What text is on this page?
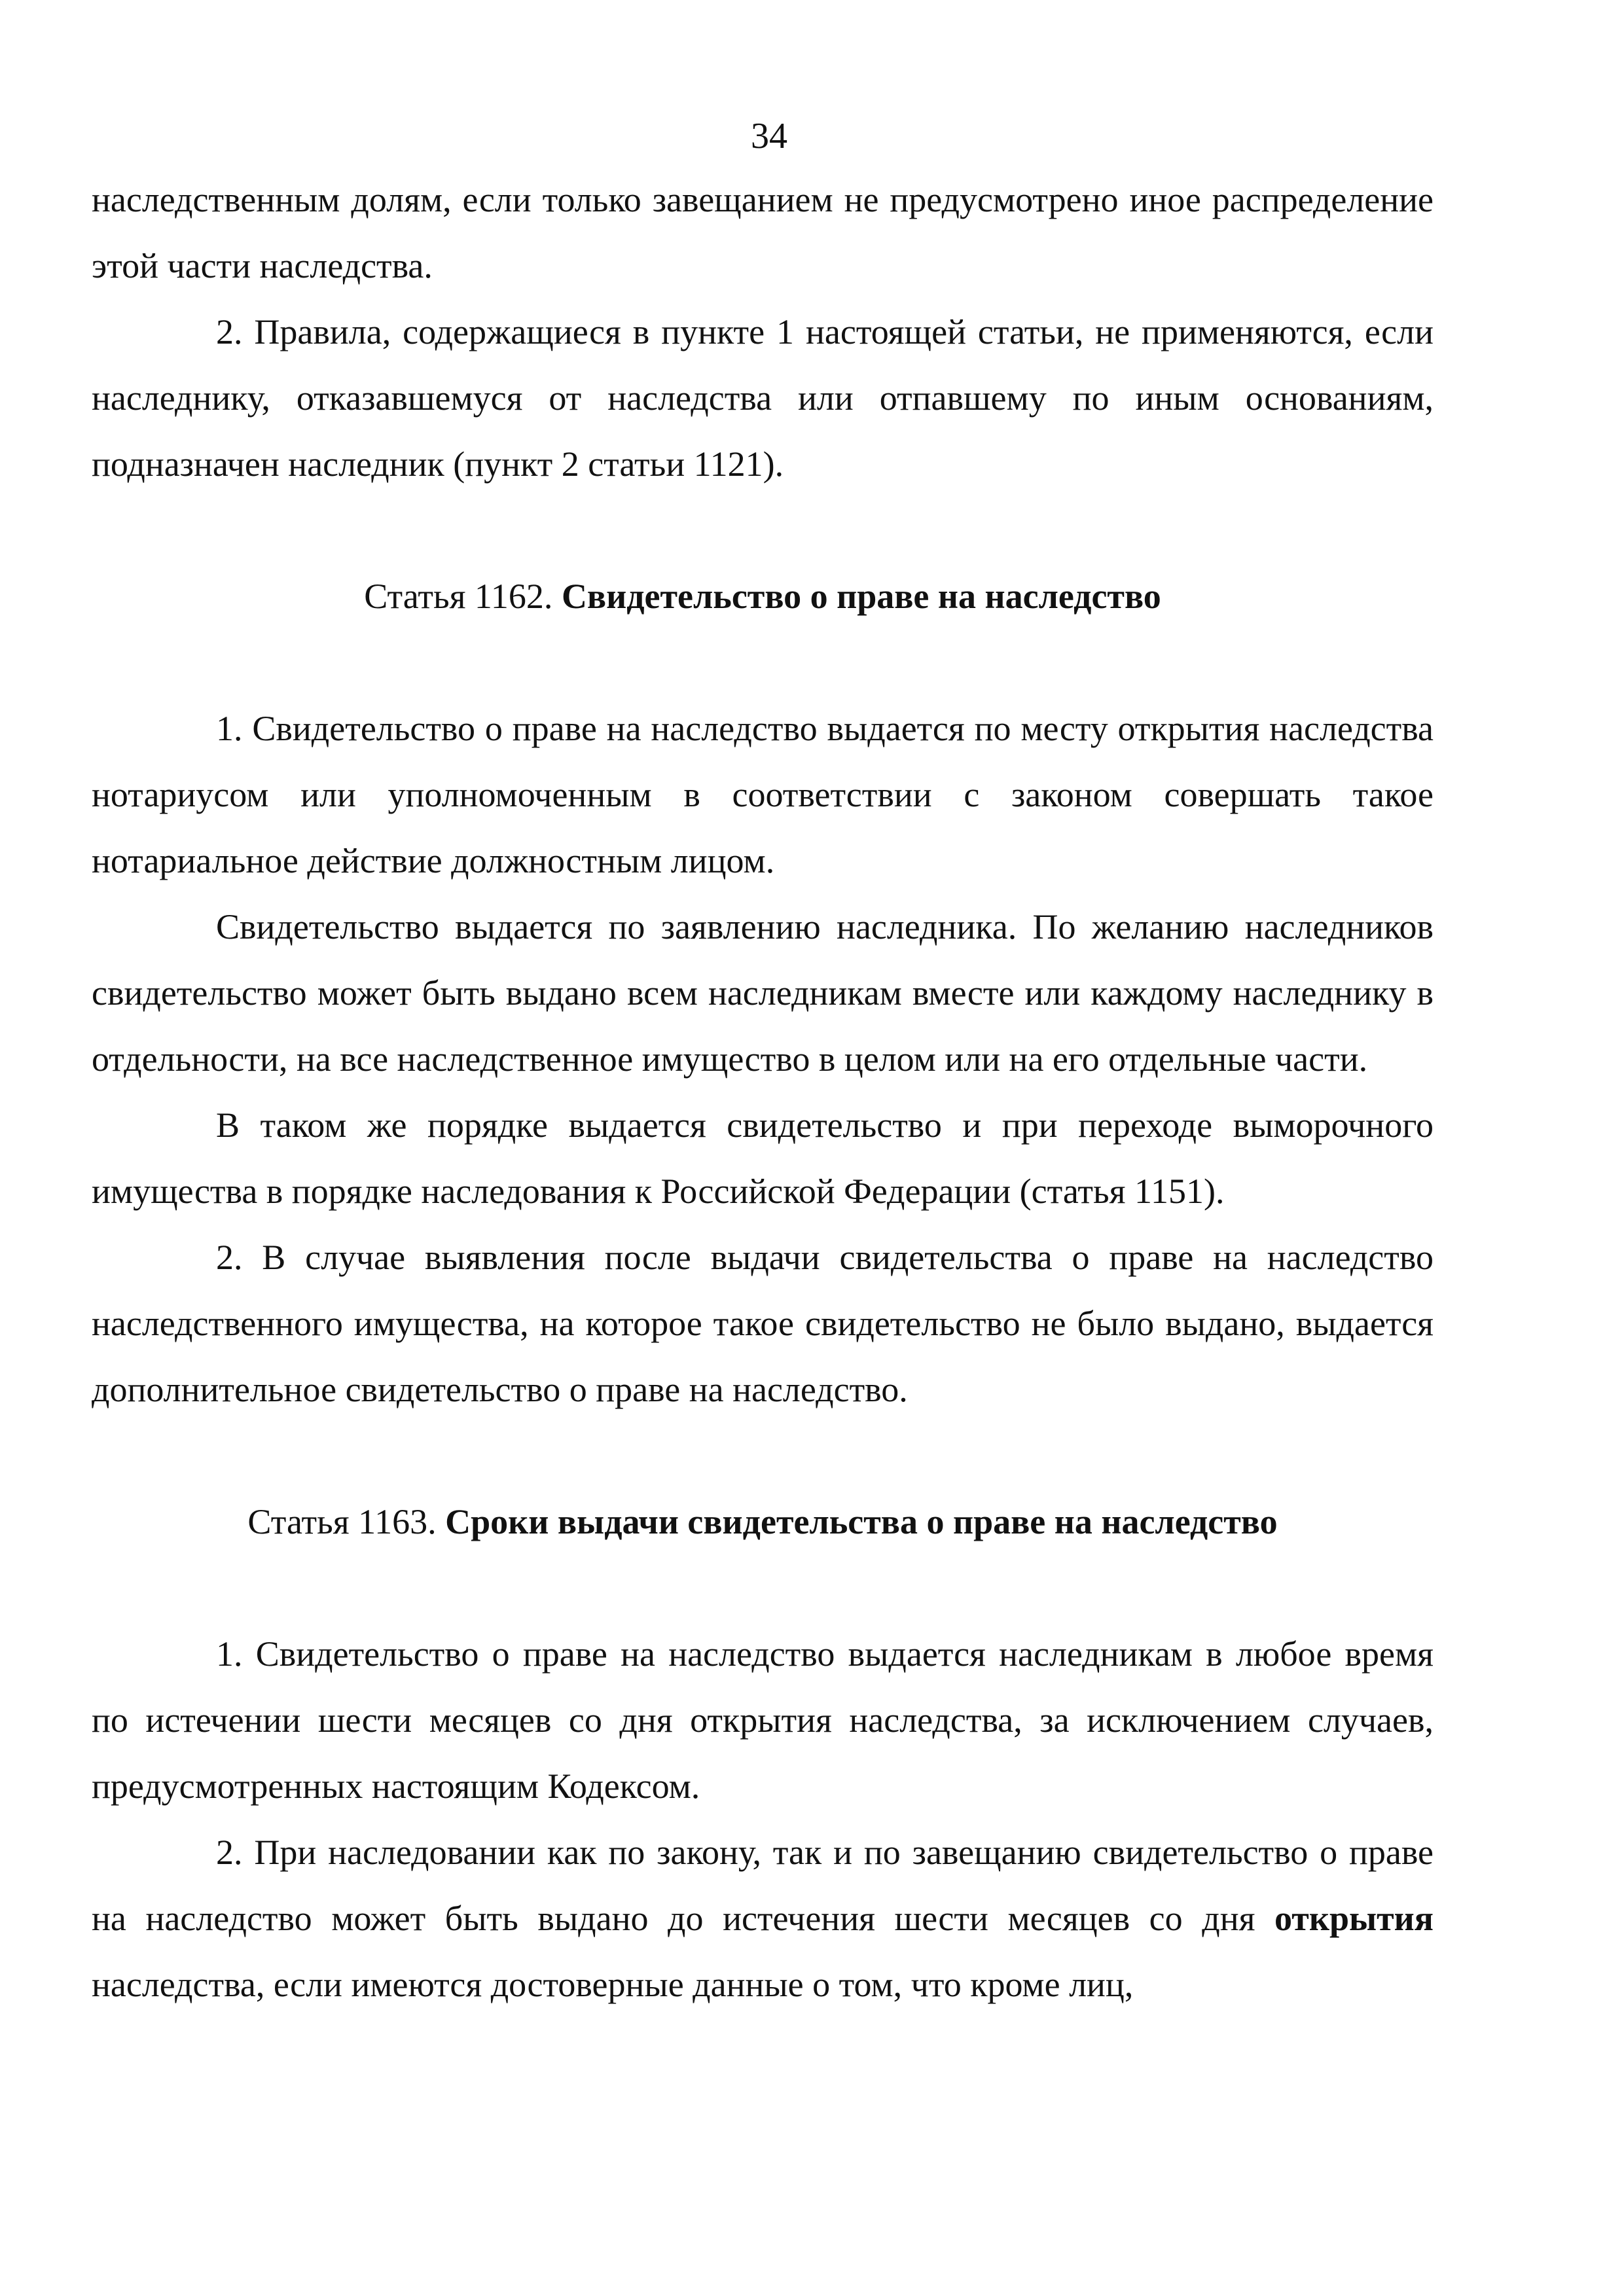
34

наследственным долям, если только завещанием не предусмотрено иное распределение этой части наследства.

2. Правила, содержащиеся в пункте 1 настоящей статьи, не применяются, если наследнику, отказавшемуся от наследства или отпавшему по иным основаниям, подназначен наследник (пункт 2 статьи 1121).

Статья 1162. Свидетельство о праве на наследство

1. Свидетельство о праве на наследство выдается по месту открытия наследства нотариусом или уполномоченным в соответствии с законом совершать такое нотариальное действие должностным лицом.

Свидетельство выдается по заявлению наследника. По желанию наследников свидетельство может быть выдано всем наследникам вместе или каждому наследнику в отдельности, на все наследственное имущество в целом или на его отдельные части.

В таком же порядке выдается свидетельство и при переходе выморочного имущества в порядке наследования к Российской Федерации (статья 1151).

2. В случае выявления после выдачи свидетельства о праве на наследство наследственного имущества, на которое такое свидетельство не было выдано, выдается дополнительное свидетельство о праве на наследство.

Статья 1163. Сроки выдачи свидетельства о праве на наследство

1. Свидетельство о праве на наследство выдается наследникам в любое время по истечении шести месяцев со дня открытия наследства, за исключением случаев, предусмотренных настоящим Кодексом.

2. При наследовании как по закону, так и по завещанию свидетельство о праве на наследство может быть выдано до истечения шести месяцев со дня открытия наследства, если имеются достоверные данные о том, что кроме лиц,
